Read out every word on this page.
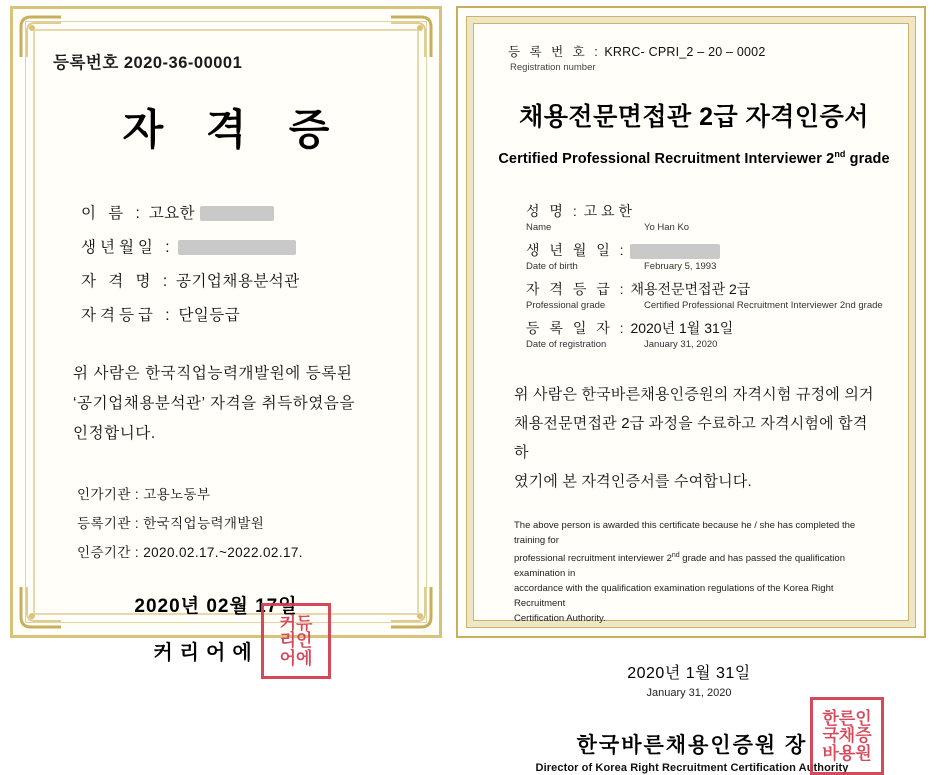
등록번호 2020-36-00001
자 격 증
이 름 : 고요한
생년월일 :
자 격 명 : 공기업채용분석관
자격등급 : 단일등급
위 사람은 한국직업능력개발원에 등록된
‘공기업채용분석관’ 자격을 취득하였음을
인정합니다.
인가기관 : 고용노동부
등록기관 : 한국직업능력개발원
인증기간 : 2020.02.17.~2022.02.17.
2020년 02월 17일
커리어에
커 듀
리 인
어 에
등 록 번 호 : KRRC- CPRI_2 – 20 – 0002
Registration number
채용전문면접관 2급 자격인증서
Certified Professional Recruitment Interviewer 2nd grade
성 명 : 고 요 한
Name	Yo Han Ko
생 년 월 일 :
Date of birth	February 5, 1993
자 격 등 급 : 채용전문면접관 2급
Professional grade	Certified Professional Recruitment Interviewer 2nd grade
등 록 일 자 : 2020년 1월 31일
Date of registration	January 31, 2020
위 사람은 한국바른채용인증원의 자격시험 규정에 의거
채용전문면접관 2급 과정을 수료하고 자격시험에 합격하
였기에 본 자격인증서를 수여합니다.
The above person is awarded this certificate because he / she has completed the training for
professional recruitment interviewer 2nd grade and has passed the qualification examination in
accordance with the qualification examination regulations of the Korea Right Recruitment
Certification Authority.
2020년 1월 31일
January 31, 2020
한국바른채용인증원 장
Director of Korea Right Recruitment Certification Authority
한 른 인
국 채 증
바 용 원
